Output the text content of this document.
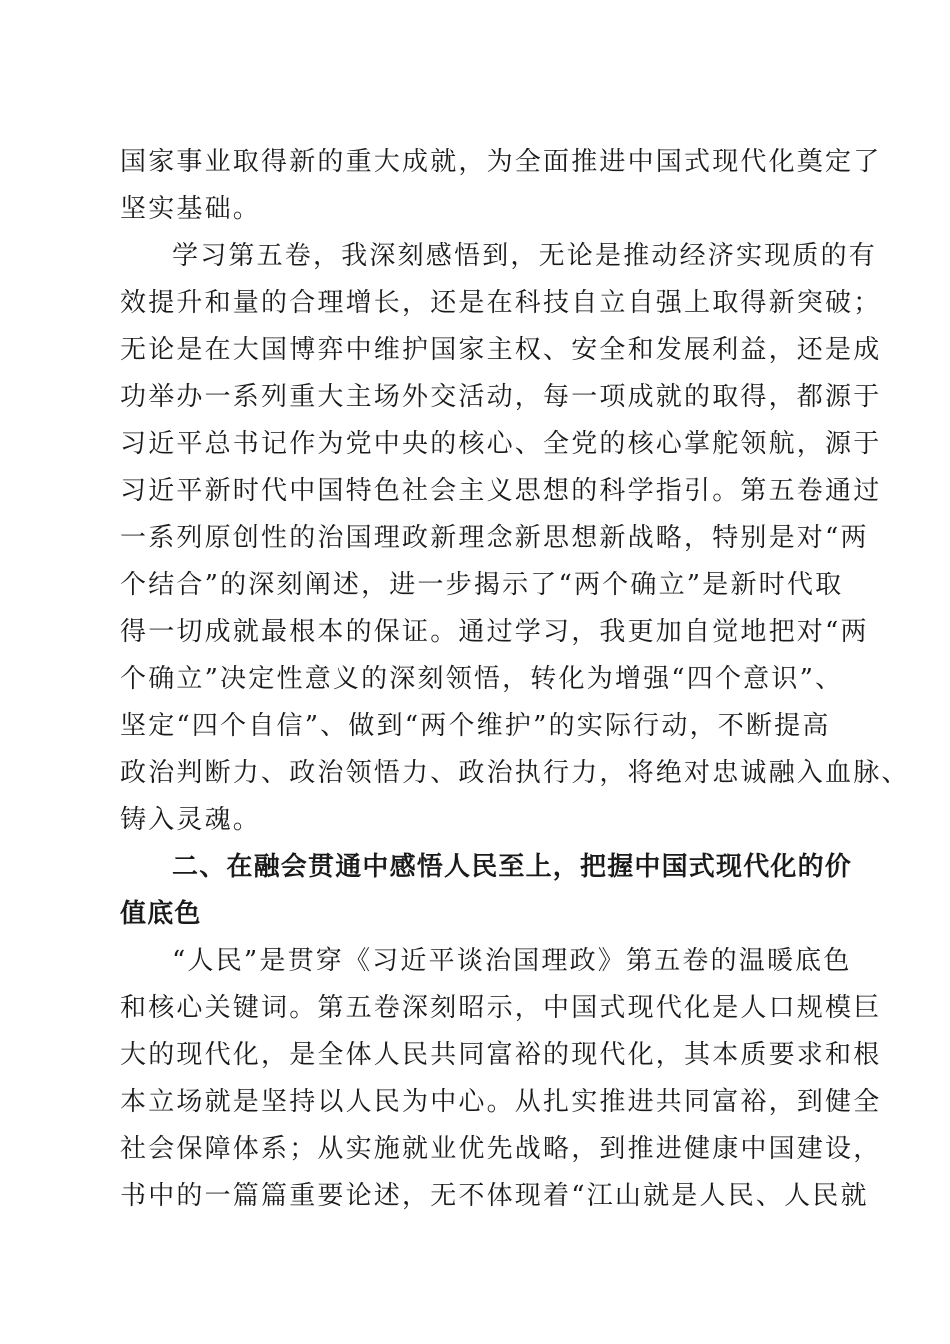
国家事业取得新的重大成就，为全面推进中国式现代化奠定了
坚实基础。
学习第五卷，我深刻感悟到，无论是推动经济实现质的有
效提升和量的合理增长，还是在科技自立自强上取得新突破；
无论是在大国博弈中维护国家主权、安全和发展利益，还是成
功举办一系列重大主场外交活动，每一项成就的取得，都源于
习近平总书记作为党中央的核心、全党的核心掌舵领航，源于
习近平新时代中国特色社会主义思想的科学指引。第五卷通过
一系列原创性的治国理政新理念新思想新战略，特别是对“两
个结合”的深刻阐述，进一步揭示了“两个确立”是新时代取
得一切成就最根本的保证。通过学习，我更加自觉地把对“两
个确立”决定性意义的深刻领悟，转化为增强“四个意识”、
坚定“四个自信”、做到“两个维护”的实际行动，不断提高
政治判断力、政治领悟力、政治执行力，将绝对忠诚融入血脉、
铸入灵魂。
二、在融会贯通中感悟人民至上，把握中国式现代化的价
值底色
“人民”是贯穿《习近平谈治国理政》第五卷的温暖底色
和核心关键词。第五卷深刻昭示，中国式现代化是人口规模巨
大的现代化，是全体人民共同富裕的现代化，其本质要求和根
本立场就是坚持以人民为中心。从扎实推进共同富裕，到健全
社会保障体系；从实施就业优先战略，到推进健康中国建设，
书中的一篇篇重要论述，无不体现着“江山就是人民、人民就
